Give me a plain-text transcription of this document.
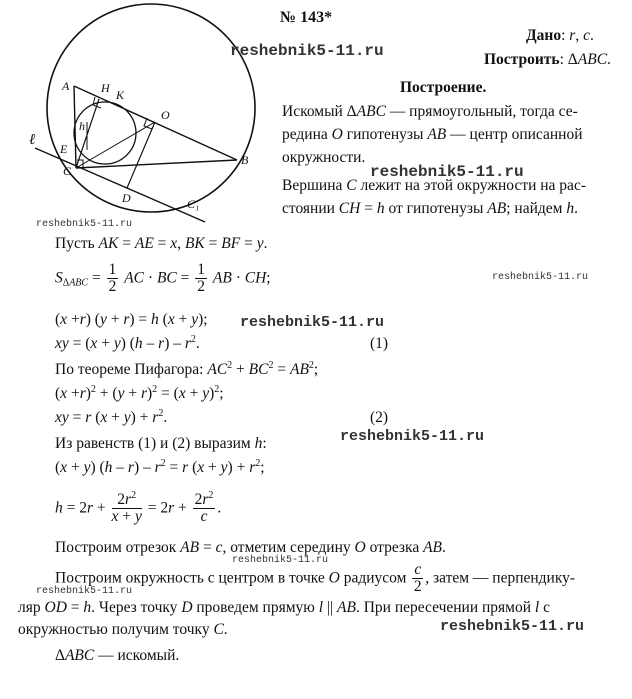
A	H K
O
h
ℓ
E
C
B
D	C₁
№ 143*
Дано: r, c.
Построить: ΔABC.
Построение.
reshebnik5-11.ru
reshebnik5-11.ru
reshebnik5-11.ru
reshebnik5-11.ru
reshebnik5-11.ru
reshebnik5-11.ru
reshebnik5-11.ru
reshebnik5-11.ru
reshebnik5-11.ru
Искомый ΔABC — прямоугольный, тогда се-
редина O гипотенузы AB — центр описанной
окружности.
Вершина C лежит на этой окружности на рас-
стоянии CH = h от гипотенузы AB; найдем h.
Пусть AK = AE = x, BK = BF = y.
$S_{\Delta ABC} = \frac{1}{2}$ AC · BC = $\frac{1}{2}$ AB · CH;
(x +r) (y + r) = h (x + y);
xy = (x + y) $(h - r) - r^2$.	(1)
По теореме Пифагора: $AC^2 + BC^2 = AB^2$;
$(x +r)^2 + (y + r)^2 = (x + y)^2$;
xy = r $(x + y) + r^2$.	(2)
Из равенств (1) и (2) выразим h:
(x + y) $(h - r) - r^2 = r$ $(x + y) + r^2$;
$h = 2r + \frac{2r^2}{x + y} = 2r + \frac{2r^2}{c}$ .
Построим отрезок AB = c, отметим середину O отрезка AB.
Построим окружность с центром в точке O радиусом $\frac{c}{2}$ , затем — перпендику-
ляр OD = h. Через точку D проведем прямую l || AB. При пересечении прямой l с
окружностью получим точку C.
ΔABC — искомый.
